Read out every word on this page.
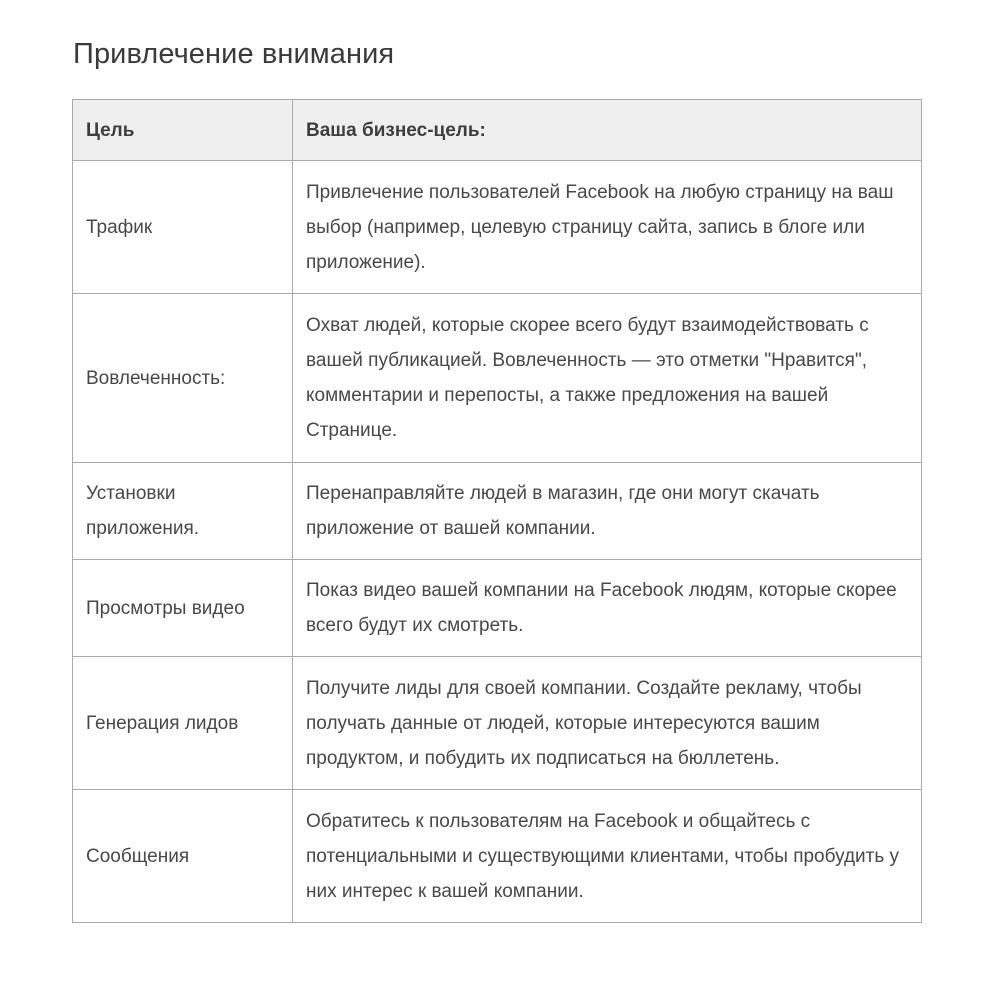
Привлечение внимания
Цель	Ваша бизнес-цель:
Трафик	Привлечение пользователей Facebook на любую страницу на ваш выбор (например, целевую страницу сайта, запись в блоге или приложение).
Вовлеченность:	Охват людей, которые скорее всего будут взаимодействовать с вашей публикацией. Вовлеченность — это отметки "Нравится", комментарии и перепосты, а также предложения на вашей Странице.
Установки приложения.	Перенаправляйте людей в магазин, где они могут скачать приложение от вашей компании.
Просмотры видео	Показ видео вашей компании на Facebook людям, которые скорее всего будут их смотреть.
Генерация лидов	Получите лиды для своей компании. Создайте рекламу, чтобы получать данные от людей, которые интересуются вашим продуктом, и побудить их подписаться на бюллетень.
Сообщения	Обратитесь к пользователям на Facebook и общайтесь с потенциальными и существующими клиентами, чтобы пробудить у них интерес к вашей компании.
